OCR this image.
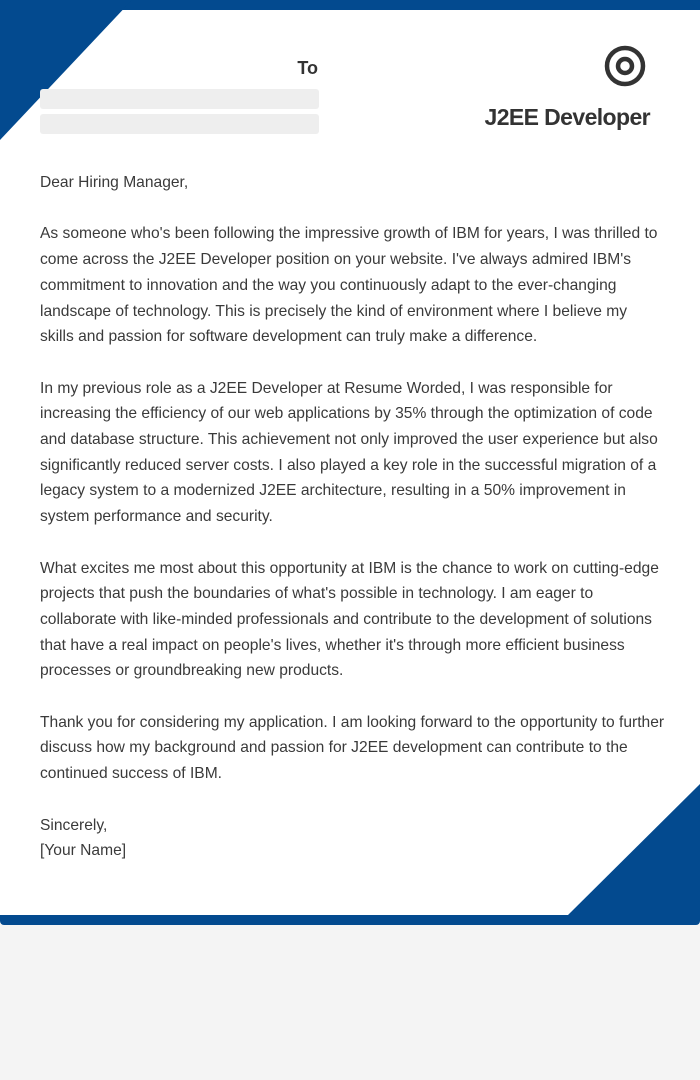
To
J2EE Developer

Dear Hiring Manager,

As someone who's been following the impressive growth of IBM for years, I was thrilled to come across the J2EE Developer position on your website. I've always admired IBM's commitment to innovation and the way you continuously adapt to the ever-changing landscape of technology. This is precisely the kind of environment where I believe my skills and passion for software development can truly make a difference.

In my previous role as a J2EE Developer at Resume Worded, I was responsible for increasing the efficiency of our web applications by 35% through the optimization of code and database structure. This achievement not only improved the user experience but also significantly reduced server costs. I also played a key role in the successful migration of a legacy system to a modernized J2EE architecture, resulting in a 50% improvement in system performance and security.

What excites me most about this opportunity at IBM is the chance to work on cutting-edge projects that push the boundaries of what's possible in technology. I am eager to collaborate with like-minded professionals and contribute to the development of solutions that have a real impact on people's lives, whether it's through more efficient business processes or groundbreaking new products.

Thank you for considering my application. I am looking forward to the opportunity to further discuss how my background and passion for J2EE development can contribute to the continued success of IBM.

Sincerely,

[Your Name]
